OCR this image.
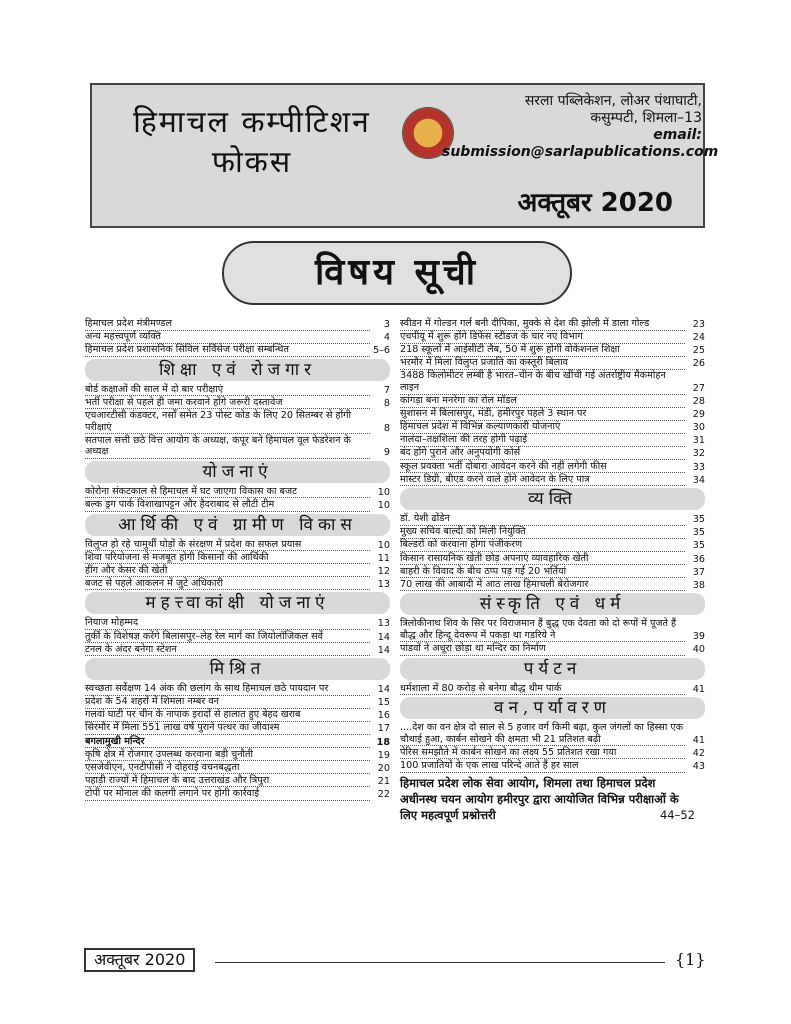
हिमाचल कम्पीटिशन
फोकस
सरला पब्लिकेशन, लोअर पंथाघाटी,
कसुम्पटी, शिमला–13
email:
submission@sarlapublications.com
अक्तूबर 2020
विषय सूची
हिमाचल प्रदेश मंत्रीमण्डल	3
अन्य महत्त्वपूर्ण व्यक्ति	4
हिमाचल प्रदेश प्रशासनिक सिविल सर्विसेज परीक्षा सम्बन्धित	5–6
शिक्षा एवं रोजगार
बोर्ड कक्षाओं की साल में दो बार परीक्षाएं	7
भर्ती परीक्षा से पहले ही जमा करवाने होंगे जरूरी दस्तावेज	8
एचआरटीसी कंडक्टर, नर्सों समेत 23 पोस्ट कोड के लिए 20 सितम्बर से होंगी परीक्षाएं	8
सतपाल सत्ती छठे वित्त आयोग के अध्यक्ष, कपूर बने हिमाचल वूल फेडरेशन के अध्यक्ष	9
योजनाएं
कोरोना संकटकाल से हिमाचल में घट जाएगा विकास का बजट	10
बल्क ड्रग पार्क विशाखापट्टन और हैदराबाद से लौटी टीम	10
आर्थिकी एवं ग्रामीण विकास
विलुप्त हो रहे चामुर्थी घोड़ों के संरक्षण में प्रदेश का सफल प्रयास	10
शिवा परियोजना से मजबूत होगी किसानों की आर्थिकी	11
हींग और केसर की खेती	12
बजट से पहले आकलन में जुटे अधिकारी	13
महत्त्वाकांक्षी योजनाएं
नियाज मोहम्मद	13
तुर्की के विशेषज्ञ करेंगे बिलासपुर–लेह रेल मार्ग का जियोलॉजिकल सर्वे	14
टनल के अंदर बनेगा स्टेशन	14
मिश्रित
स्वच्छता सर्वेक्षण 14 अंक की छलांग के साथ हिमाचल छठे पायदान पर	14
प्रदेश के 54 शहरों में शिमला नम्बर वन	15
गलवां घाटी पर चीन के नापाक इरादों से हालात हुए बेहद खराब	16
सिरमौर में मिला 551 लाख वर्ष पुराने पत्थर का जीवाश्म	17
बगलामुखी मन्दिर	18
कृषि क्षेत्र में रोजगार उपलब्ध करवाना बड़ी चुनौती	19
एसजेवीएन, एनटीपीसी ने दोहराई वचनबद्धता	20
पहाड़ी राज्यों में हिमाचल के बाद उत्तराखंड और त्रिपुरा	21
टोपी पर मोनाल की कलगी लगाने पर होगी कार्रवाई	22
स्वीडन में गोल्डन गर्ल बनी दीपिका, मुक्के से देश की झोली में डाला गोल्ड	23
एचपीयू में शुरू होंगे डिफेंस स्टीडज के चार नए विभाग	24
218 स्कूलों में आईसीटी लैब, 50 में शुरू होगी वोकेशनल शिक्षा	25
भरमौर में मिला विलुप्त प्रजाति का कस्तूरी बिलाव	26
3488 किलोमीटर लम्बी है भारत–चीन के बीच खींची गई अंतर्राष्ट्रीय मैकमोहन लाइन	27
कांगड़ा बना मनरेगा का रोल मॉडल	28
सुशासन में बिलासपुर, मंडी, हमीरपुर पहले 3 स्थान पर	29
हिमाचल प्रदेश में विभिन्न कल्याणकारी योजनाएं	30
नालंदा–तक्षशिला की तरह होगी पढ़ाई	31
बंद होंगे पुराने और अनुपयोगी कोर्स	32
स्कूल प्रवक्ता भर्ती दोबारा आवेदन करने की नहीं लगेगी फीस	33
मास्टर डिग्री, बीएड करने वाले होंगे आवेदन के लिए पात्र	34
व्यक्ति
डॉ. येशी ढोंडेन	35
मुख्य सचिव बाल्दी को मिली नियुक्ति	35
बिल्डरों को करवाना होगा पंजीकरण	35
किसान रासायनिक खेती छोड़ अपनाएं व्यावहारिक खेती	36
बाहरी के विवाद के बीच ठप्प पड़ गईं 20 भर्तियां	37
70 लाख की आबादी में आठ लाख हिमाचली बेरोजगार	38
संस्कृति एवं धर्म
त्रिलोकीनाथ शिव के सिर पर विराजमान हैं बुद्ध एक देवता को दो रूपों में पूजते हैं बौद्ध और हिन्दू देवरूप में पकड़ा था गडरिये ने	39
पांडवों ने अधूरा छोड़ा था मन्दिर का निर्माण	40
पर्यटन
धर्मशाला में 80 करोड़ से बनेगा बौद्ध थीम पार्क	41
वन,पर्यावरण
....देश का वन क्षेत्र दो साल से 5 हजार वर्ग किमी बढ़ा, कुल जंगलों का हिस्सा एक चौथाई हुआ, कार्बन सोखने की क्षमता भी 21 प्रतिशत बढ़ी	41
पेरिस समझौते में कार्बन सोखने का लक्ष्य 55 प्रतिशत रखा गया	42
100 प्रजातियों के एक लाख परिन्दे आते हैं हर साल	43
हिमाचल प्रदेश लोक सेवा आयोग, शिमला तथा हिमाचल प्रदेश अधीनस्थ चयन आयोग हमीरपुर द्वारा आयोजित विभिन्न परीक्षाओं के लिए महत्वपूर्ण प्रश्नोत्तरी	44–52
अक्तूबर 2020	{1}
